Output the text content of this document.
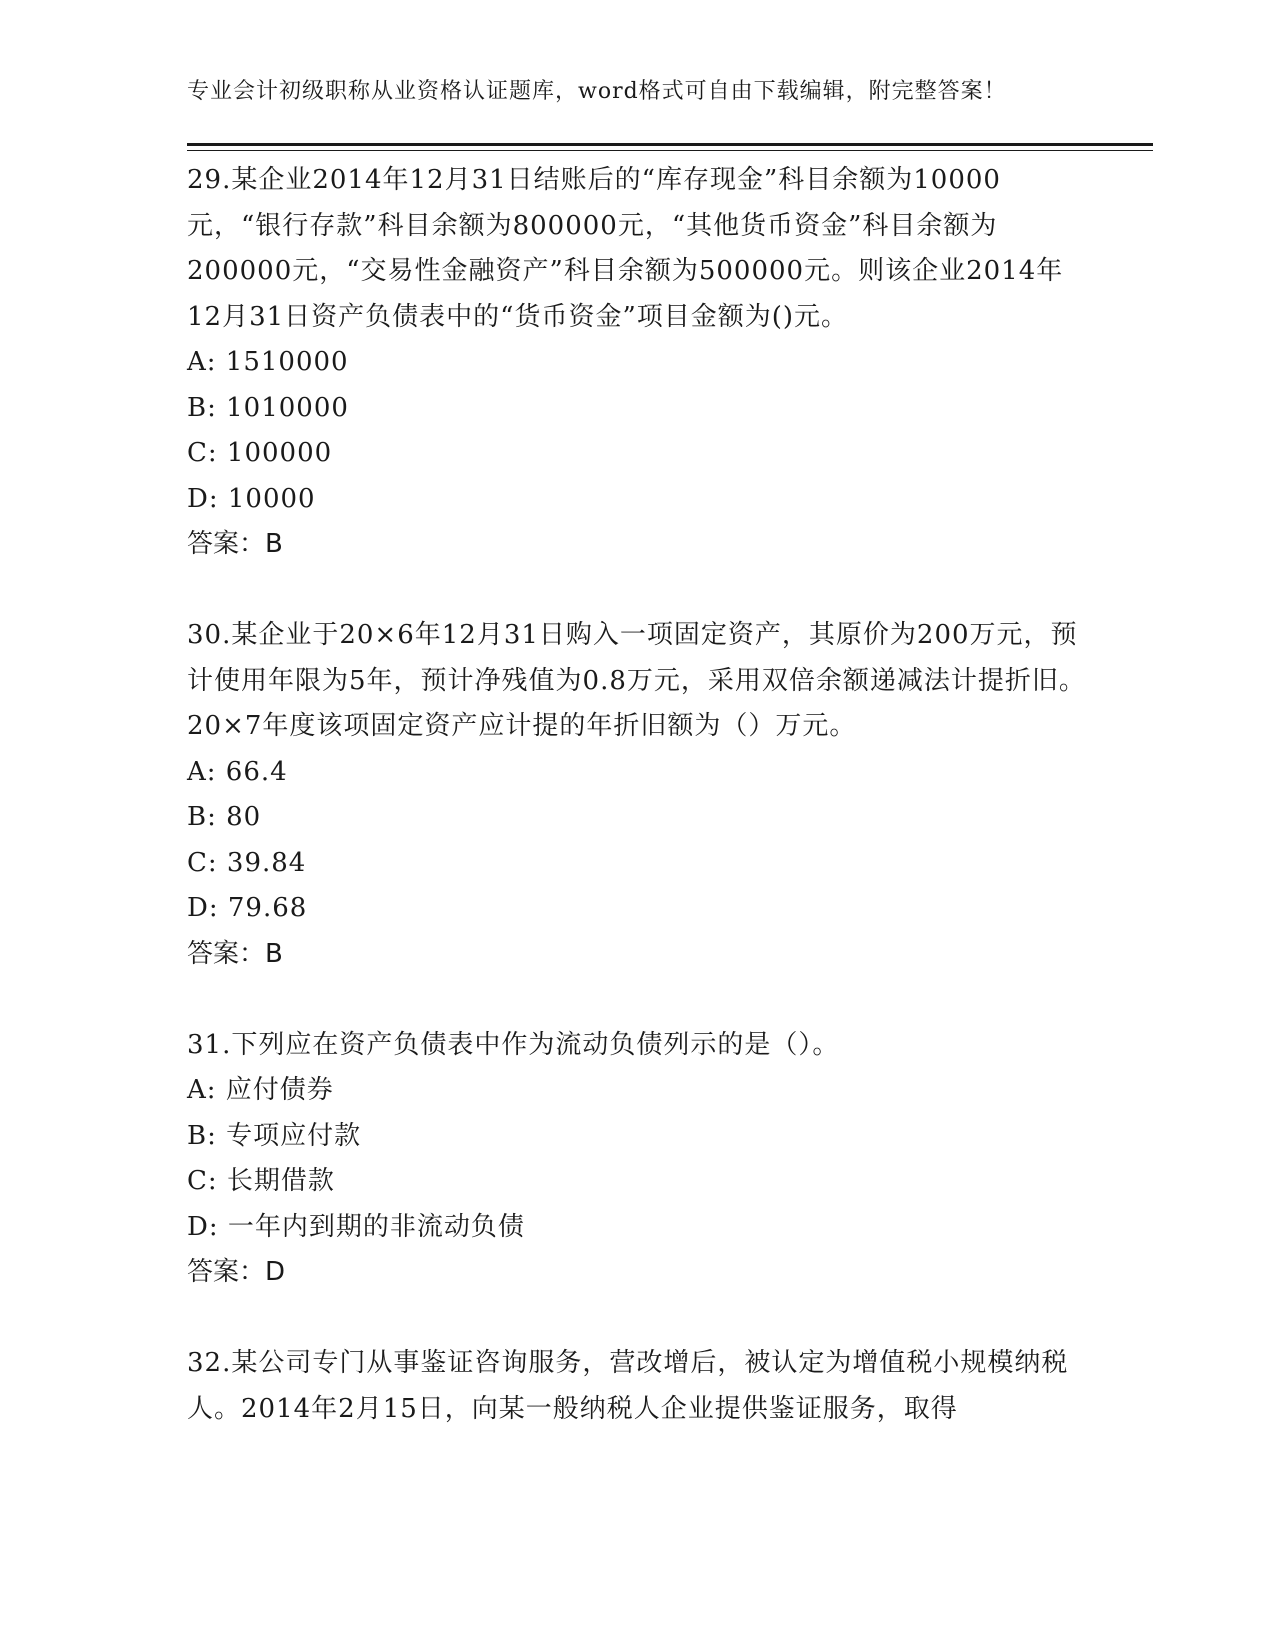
专业会计初级职称从业资格认证题库，word格式可自由下载编辑，附完整答案！

29.某企业2014年12月31日结账后的“库存现金”科目余额为10000元，“银行存款”科目余额为800000元，“其他货币资金”科目余额为200000元，“交易性金融资产”科目余额为500000元。则该企业2014年12月31日资产负债表中的“货币资金”项目金额为()元。

A: 1510000

B: 1010000

C: 100000

D: 10000

答案：B

30.某企业于20×6年12月31日购入一项固定资产，其原价为200万元，预计使用年限为5年，预计净残值为0.8万元，采用双倍余额递减法计提折旧。20×7年度该项固定资产应计提的年折旧额为（）万元。

A: 66.4

B: 80

C: 39.84

D: 79.68

答案：B

31.下列应在资产负债表中作为流动负债列示的是（）。

A: 应付债券

B: 专项应付款

C: 长期借款

D: 一年内到期的非流动负债

答案：D

32.某公司专门从事鉴证咨询服务，营改增后，被认定为增值税小规模纳税人。2014年2月15日，向某一般纳税人企业提供鉴证服务，取得
